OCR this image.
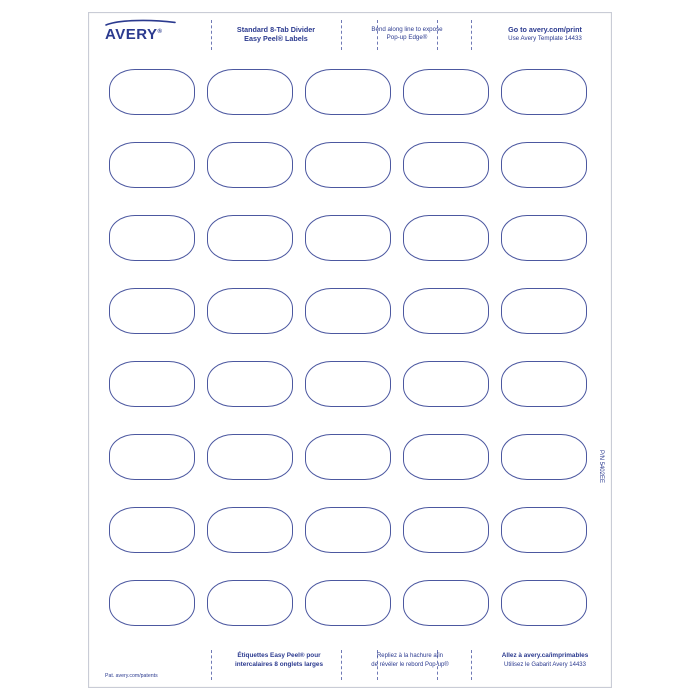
AVERY®	Standard 8-Tab Divider
Easy Peel® Labels
Bend along line to expose
Pop-up Edge®
Go to avery.com/print
Use Avery Template 14433
P/N 5402EE
Étiquettes Easy Peel® pour
intercalaires 8 onglets larges
Repliez à la hachure afin
de révéler le rebord Pop-up®
Allez à avery.ca/imprimables
Utilisez le Gabarit Avery 14433
Pat. avery.com/patents
